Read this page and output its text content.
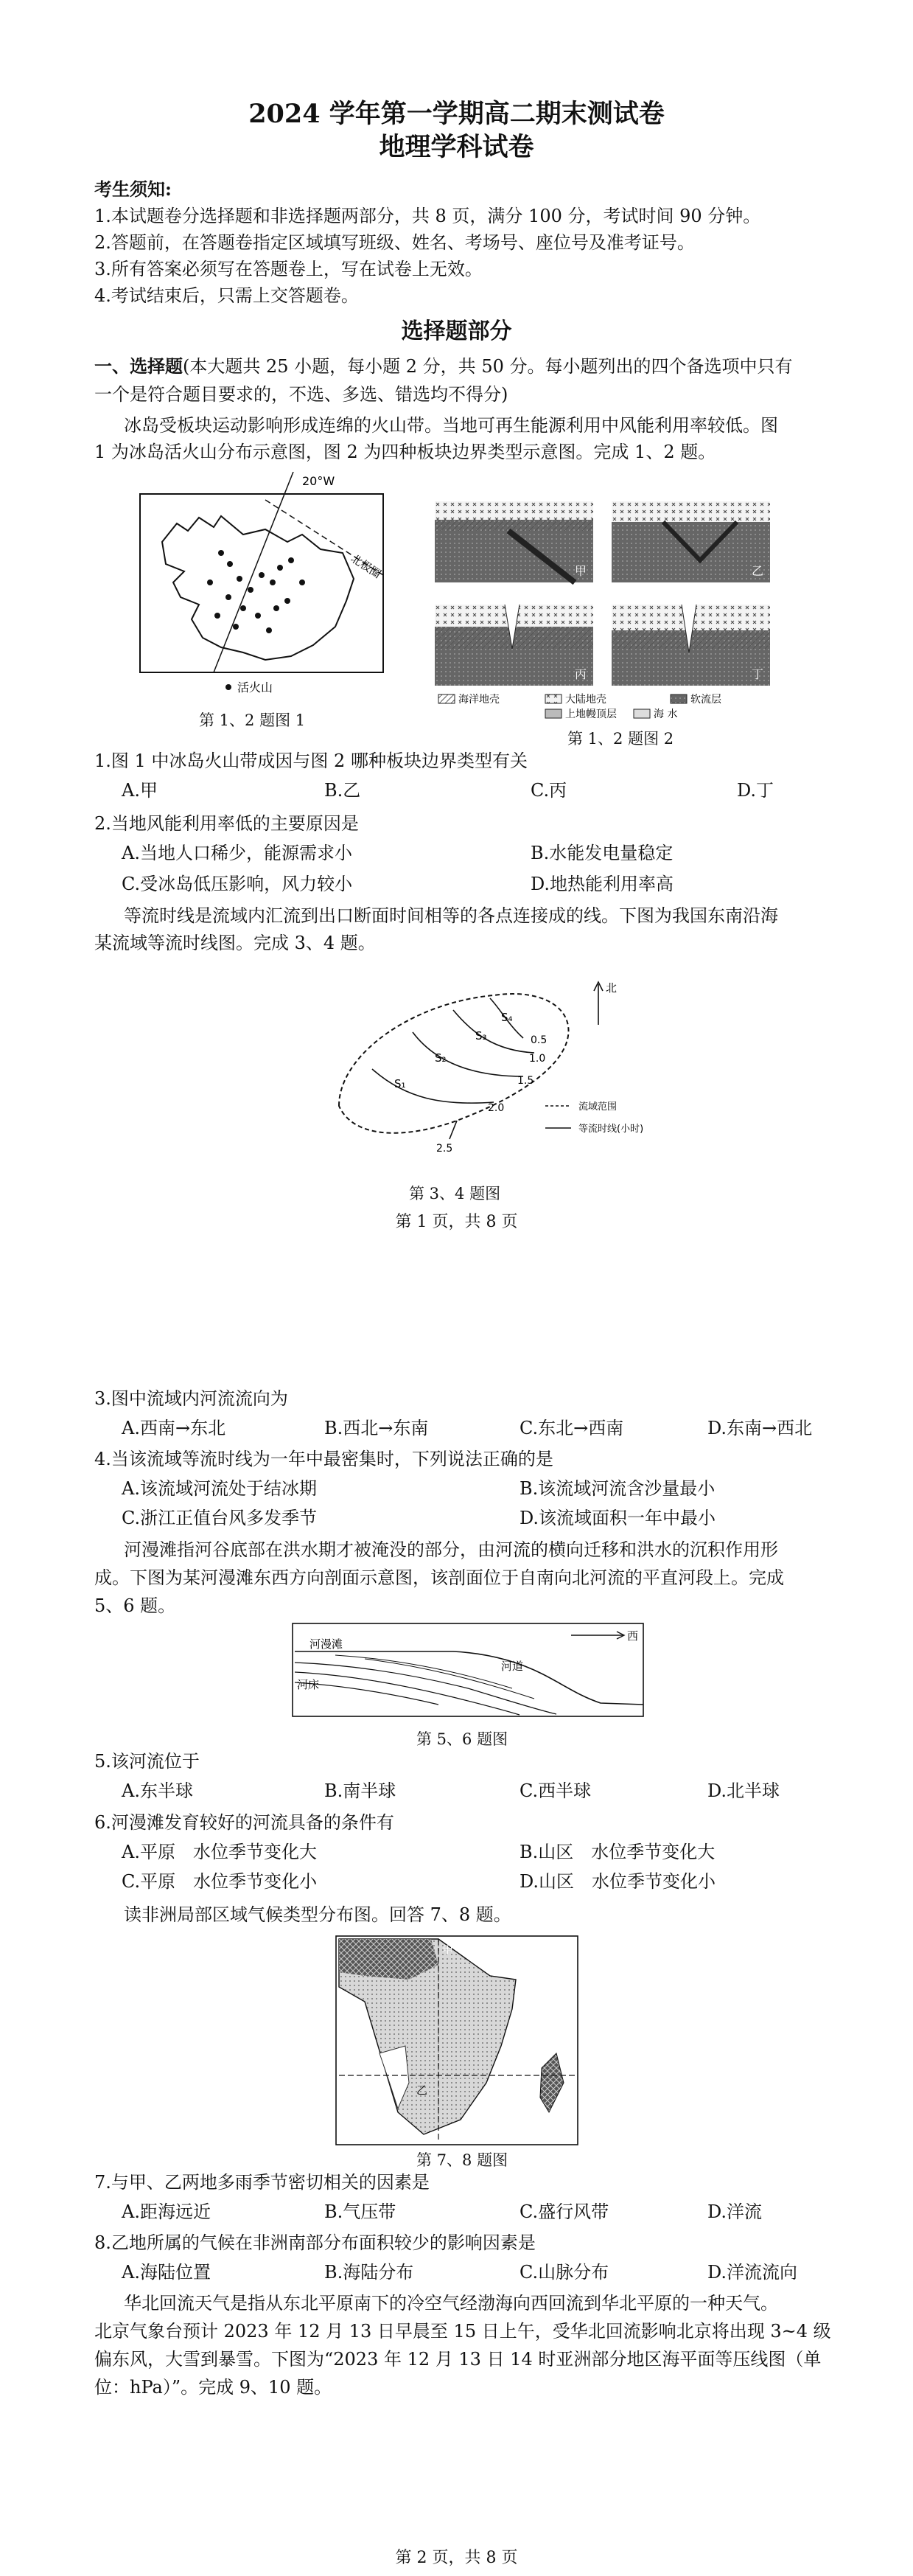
2024 学年第一学期高二期末测试卷
地理学科试卷
考生须知:
1.本试题卷分选择题和非选择题两部分，共 8 页，满分 100 分，考试时间 90 分钟。
2.答题前，在答题卷指定区域填写班级、姓名、考场号、座位号及准考证号。
3.所有答案必须写在答题卷上，写在试卷上无效。
4.考试结束后，只需上交答题卷。
选择题部分
一、选择题(本大题共 25 小题，每小题 2 分，共 50 分。每小题列出的四个备选项中只有
一个是符合题目要求的，不选、多选、错选均不得分)
冰岛受板块运动影响形成连绵的火山带。当地可再生能源利用中风能利用率较低。图
1 为冰岛活火山分布示意图，图 2 为四种板块边界类型示意图。完成 1、2 题。
20°W
北极圈
活火山
第 1、2 题图 1
甲	乙
丙	丁
海洋地壳	大陆地壳	软流层
上地幔顶层	海 水
第 1、2 题图 2
1.图 1 中冰岛火山带成因与图 2 哪种板块边界类型有关
A.甲	B.乙	C.丙	D.丁
2.当地风能利用率低的主要原因是
A.当地人口稀少，能源需求小	B.水能发电量稳定
C.受冰岛低压影响，风力较小	D.地热能利用率高
等流时线是流域内汇流到出口断面时间相等的各点连接成的线。下图为我国东南沿海
某流域等流时线图。完成 3、4 题。
S₄
S₃
S₂
S₁
0.5
1.0
1.5
2.0
2.5
北
流域范围
等流时线(小时)
第 3、4 题图
第 1 页，共 8 页
3.图中流域内河流流向为
A.西南→东北	B.西北→东南	C.东北→西南	D.东南→西北
4.当该流域等流时线为一年中最密集时，下列说法正确的是
A.该流域河流处于结冰期	B.该流域河流含沙量最小
C.浙江正值台风多发季节	D.该流域面积一年中最小
河漫滩指河谷底部在洪水期才被淹没的部分，由河流的横向迁移和洪水的沉积作用形
成。下图为某河漫滩东西方向剖面示意图，该剖面位于自南向北河流的平直河段上。完成
5、6 题。
西
河漫滩
河道
河床
第 5、6 题图
5.该河流位于
A.东半球	B.南半球	C.西半球	D.北半球
6.河漫滩发育较好的河流具备的条件有
A.平原　水位季节变化大	B.山区　水位季节变化大
C.平原　水位季节变化小	D.山区　水位季节变化小
读非洲局部区域气候类型分布图。回答 7、8 题。
乙
甲
第 7、8 题图
7.与甲、乙两地多雨季节密切相关的因素是
A.距海远近	B.气压带	C.盛行风带	D.洋流
8.乙地所属的气候在非洲南部分布面积较少的影响因素是
A.海陆位置	B.海陆分布	C.山脉分布	D.洋流流向
华北回流天气是指从东北平原南下的冷空气经渤海向西回流到华北平原的一种天气。
北京气象台预计 2023 年 12 月 13 日早晨至 15 日上午，受华北回流影响北京将出现 3~4 级
偏东风，大雪到暴雪。下图为“2023 年 12 月 13 日 14 时亚洲部分地区海平面等压线图（单
位：hPa）”。完成 9、10 题。
第 2 页，共 8 页
